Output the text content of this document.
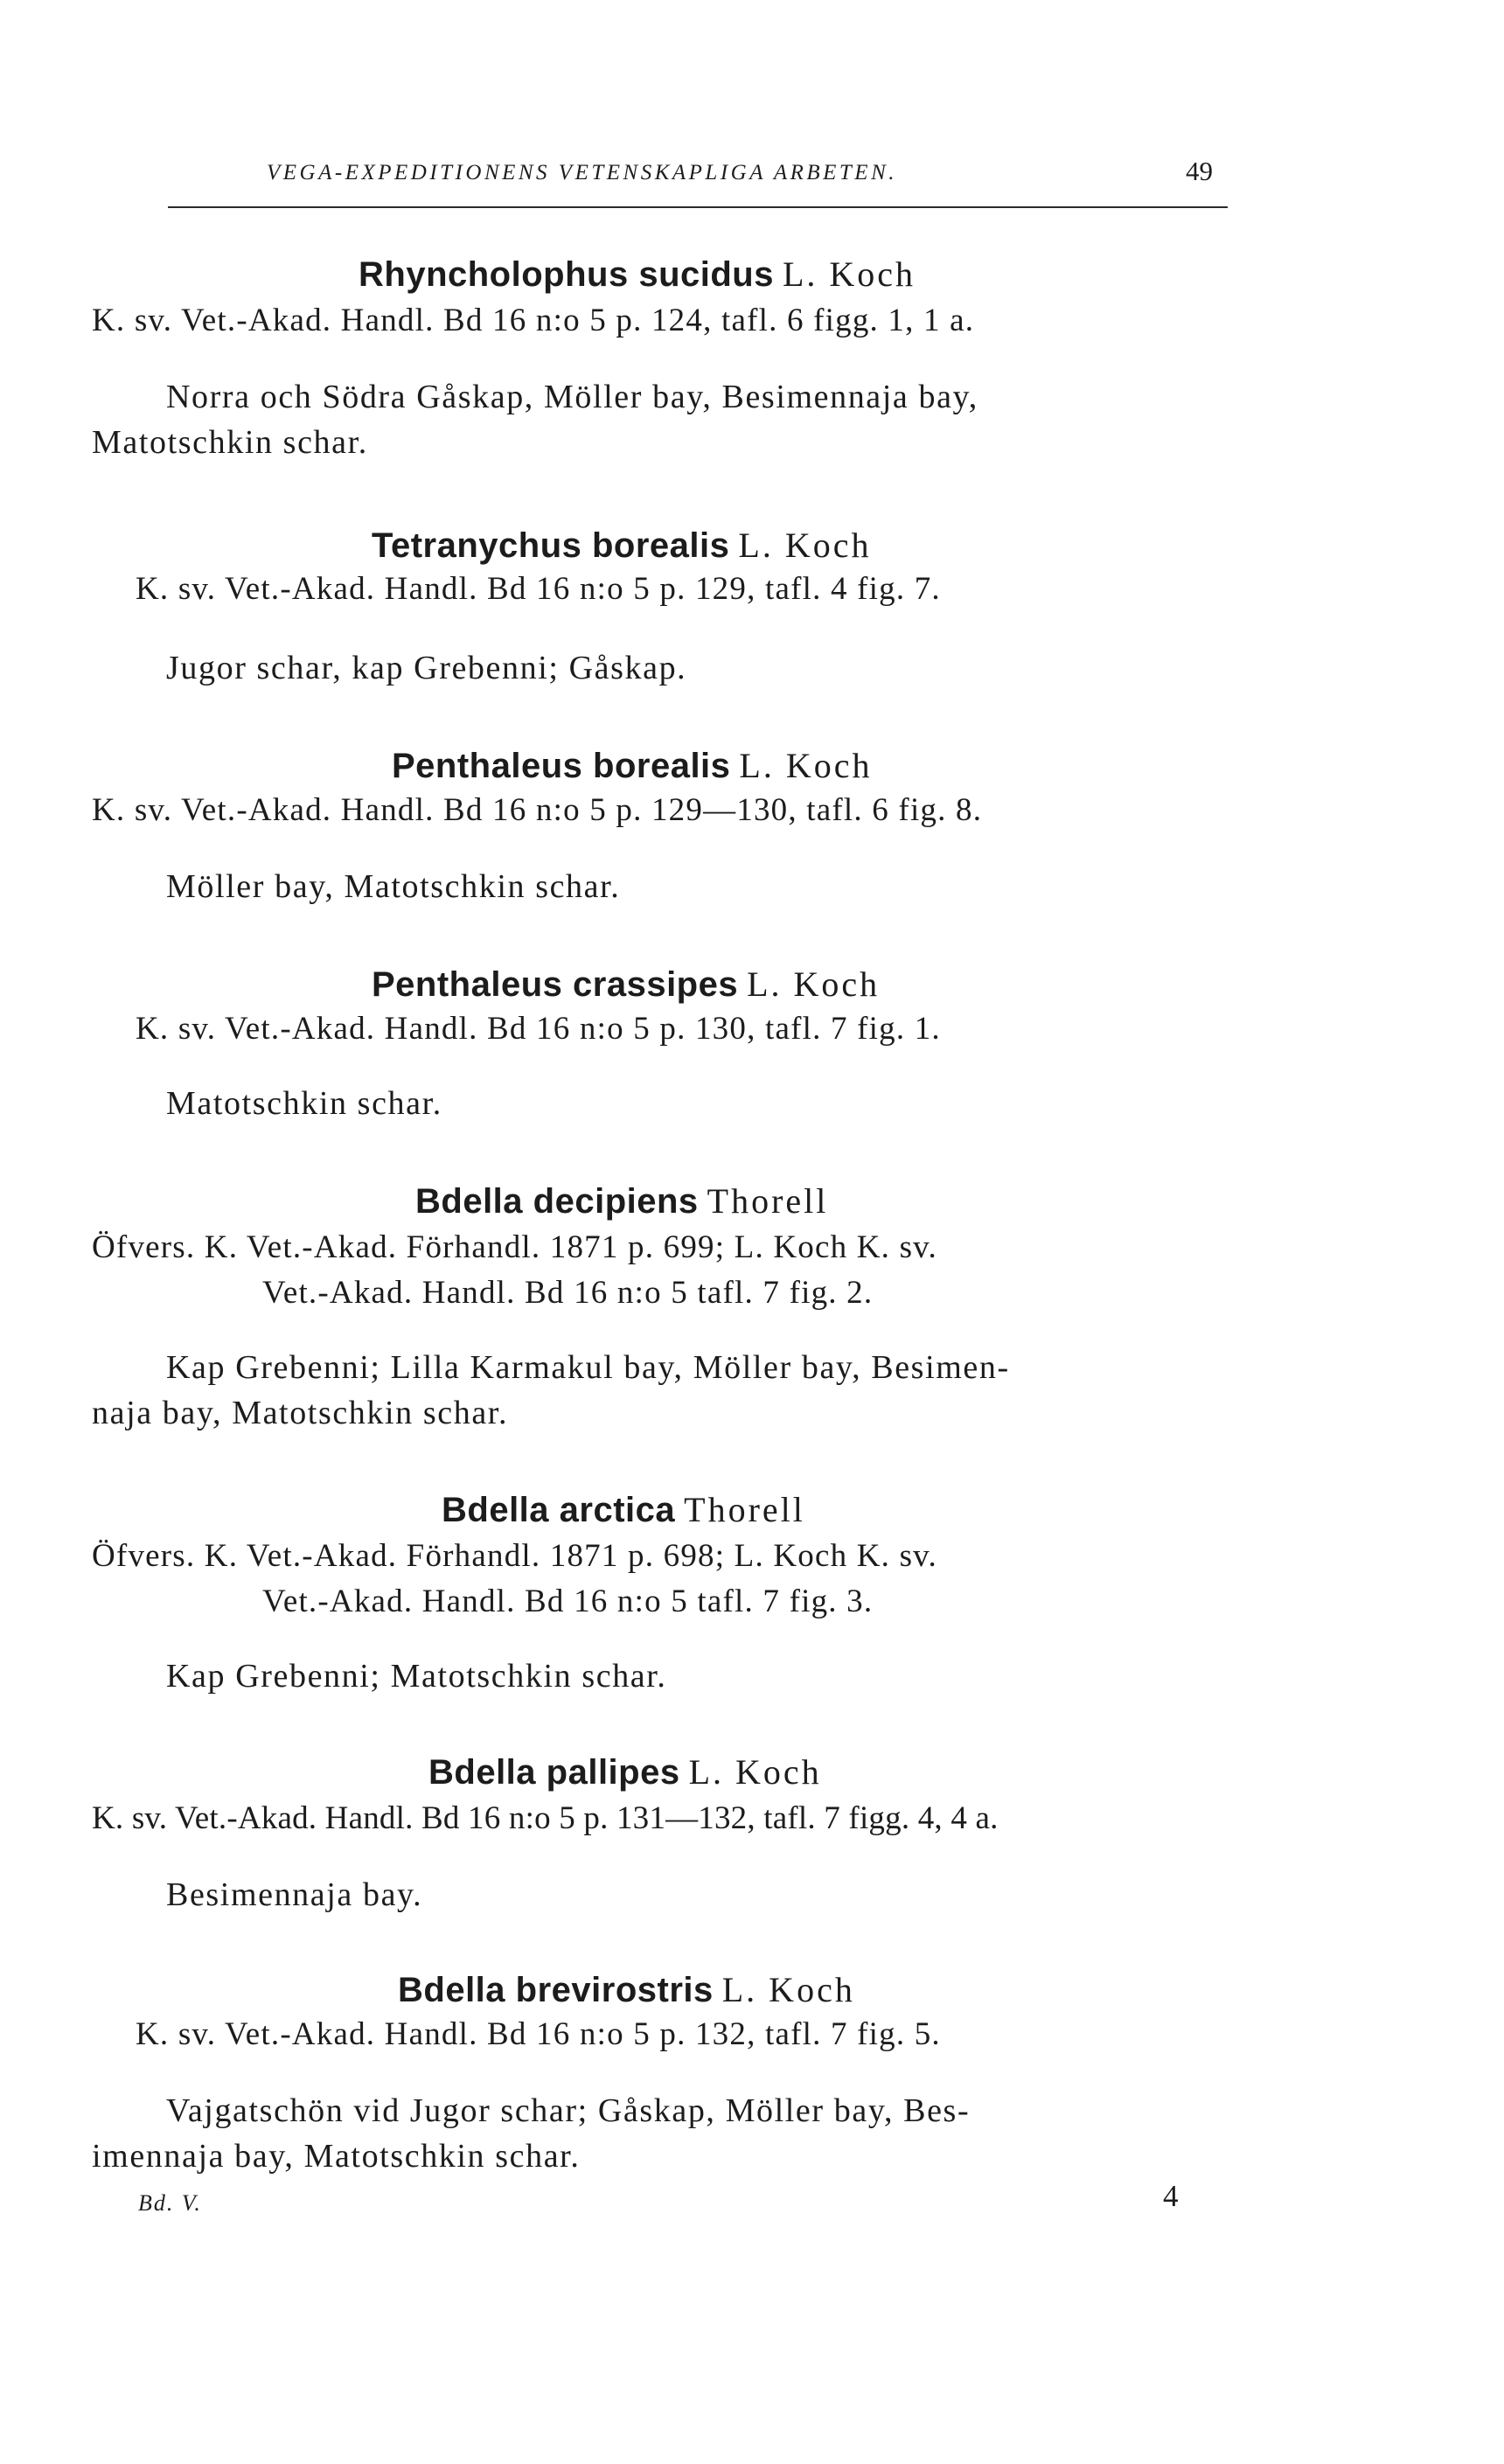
VEGA-EXPEDITIONENS VETENSKAPLIGA ARBETEN.	49
Rhyncholophus sucidus L. Koch
K. sv. Vet.-Akad. Handl. Bd 16 n:o 5 p. 124, tafl. 6 figg. 1, 1 a.
Norra och Södra Gåskap, Möller bay, Besimennaja bay,
Matotschkin schar.
Tetranychus borealis L. Koch
K. sv. Vet.-Akad. Handl. Bd 16 n:o 5 p. 129, tafl. 4 fig. 7.
Jugor schar, kap Grebenni; Gåskap.
Penthaleus borealis L. Koch
K. sv. Vet.-Akad. Handl. Bd 16 n:o 5 p. 129—130, tafl. 6 fig. 8.
Möller bay, Matotschkin schar.
Penthaleus crassipes L. Koch
K. sv. Vet.-Akad. Handl. Bd 16 n:o 5 p. 130, tafl. 7 fig. 1.
Matotschkin schar.
Bdella decipiens Thorell
Öfvers. K. Vet.-Akad. Förhandl. 1871 p. 699; L. Koch K. sv.
Vet.-Akad. Handl. Bd 16 n:o 5 tafl. 7 fig. 2.
Kap Grebenni; Lilla Karmakul bay, Möller bay, Besimen-
naja bay, Matotschkin schar.
Bdella arctica Thorell
Öfvers. K. Vet.-Akad. Förhandl. 1871 p. 698; L. Koch K. sv.
Vet.-Akad. Handl. Bd 16 n:o 5 tafl. 7 fig. 3.
Kap Grebenni; Matotschkin schar.
Bdella pallipes L. Koch
K. sv. Vet.-Akad. Handl. Bd 16 n:o 5 p. 131—132, tafl. 7 figg. 4, 4 a.
Besimennaja bay.
Bdella brevirostris L. Koch
K. sv. Vet.-Akad. Handl. Bd 16 n:o 5 p. 132, tafl. 7 fig. 5.
Vajgatschön vid Jugor schar; Gåskap, Möller bay, Bes-
imennaja bay, Matotschkin schar.
Bd. V.	4
